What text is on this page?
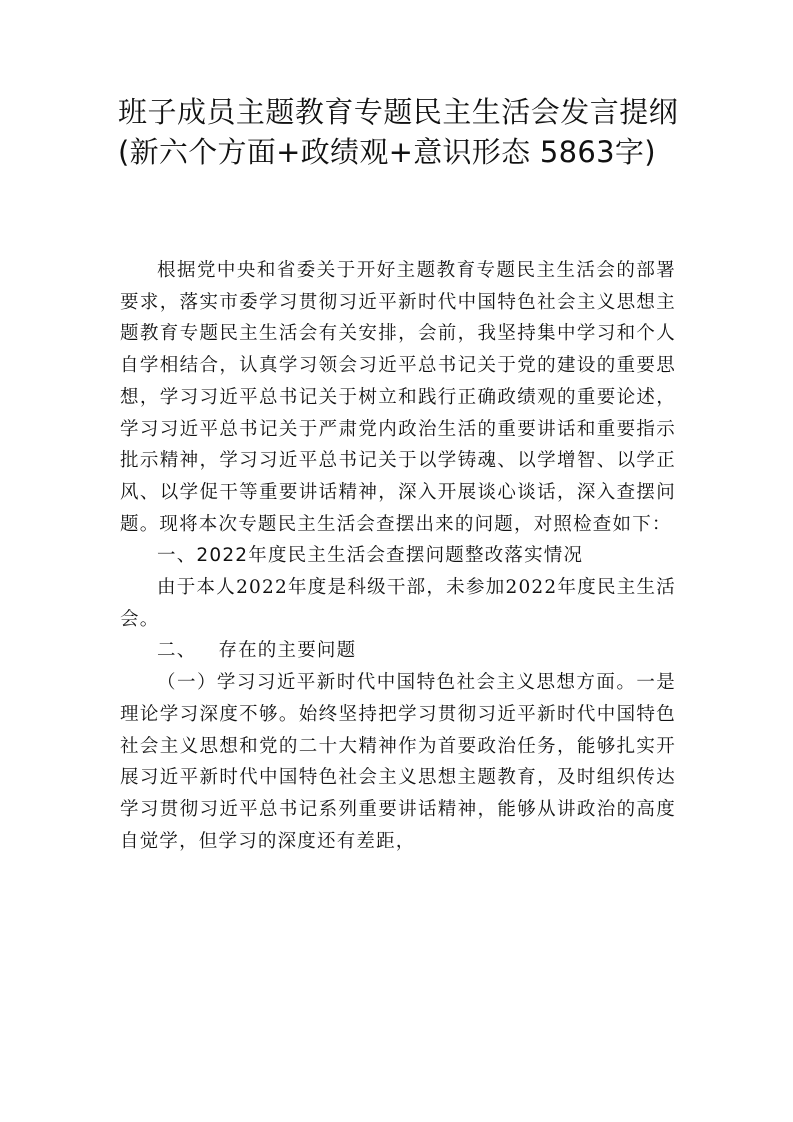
班子成员主题教育专题民主生活会发言提纲(新六个方面+政绩观+意识形态 5863字)

根据党中央和省委关于开好主题教育专题民主生活会的部署要求，落实市委学习贯彻习近平新时代中国特色社会主义思想主题教育专题民主生活会有关安排，会前，我坚持集中学习和个人自学相结合，认真学习领会习近平总书记关于党的建设的重要思想，学习习近平总书记关于树立和践行正确政绩观的重要论述，学习习近平总书记关于严肃党内政治生活的重要讲话和重要指示批示精神，学习习近平总书记关于以学铸魂、以学增智、以学正风、以学促干等重要讲话精神，深入开展谈心谈话，深入查摆问题。现将本次专题民主生活会查摆出来的问题，对照检查如下：

一、2022年度民主生活会查摆问题整改落实情况

由于本人2022年度是科级干部，未参加2022年度民主生活会。

二、 存在的主要问题

（一）学习习近平新时代中国特色社会主义思想方面。一是理论学习深度不够。始终坚持把学习贯彻习近平新时代中国特色社会主义思想和党的二十大精神作为首要政治任务，能够扎实开展习近平新时代中国特色社会主义思想主题教育，及时组织传达学习贯彻习近平总书记系列重要讲话精神，能够从讲政治的高度自觉学，但学习的深度还有差距，
